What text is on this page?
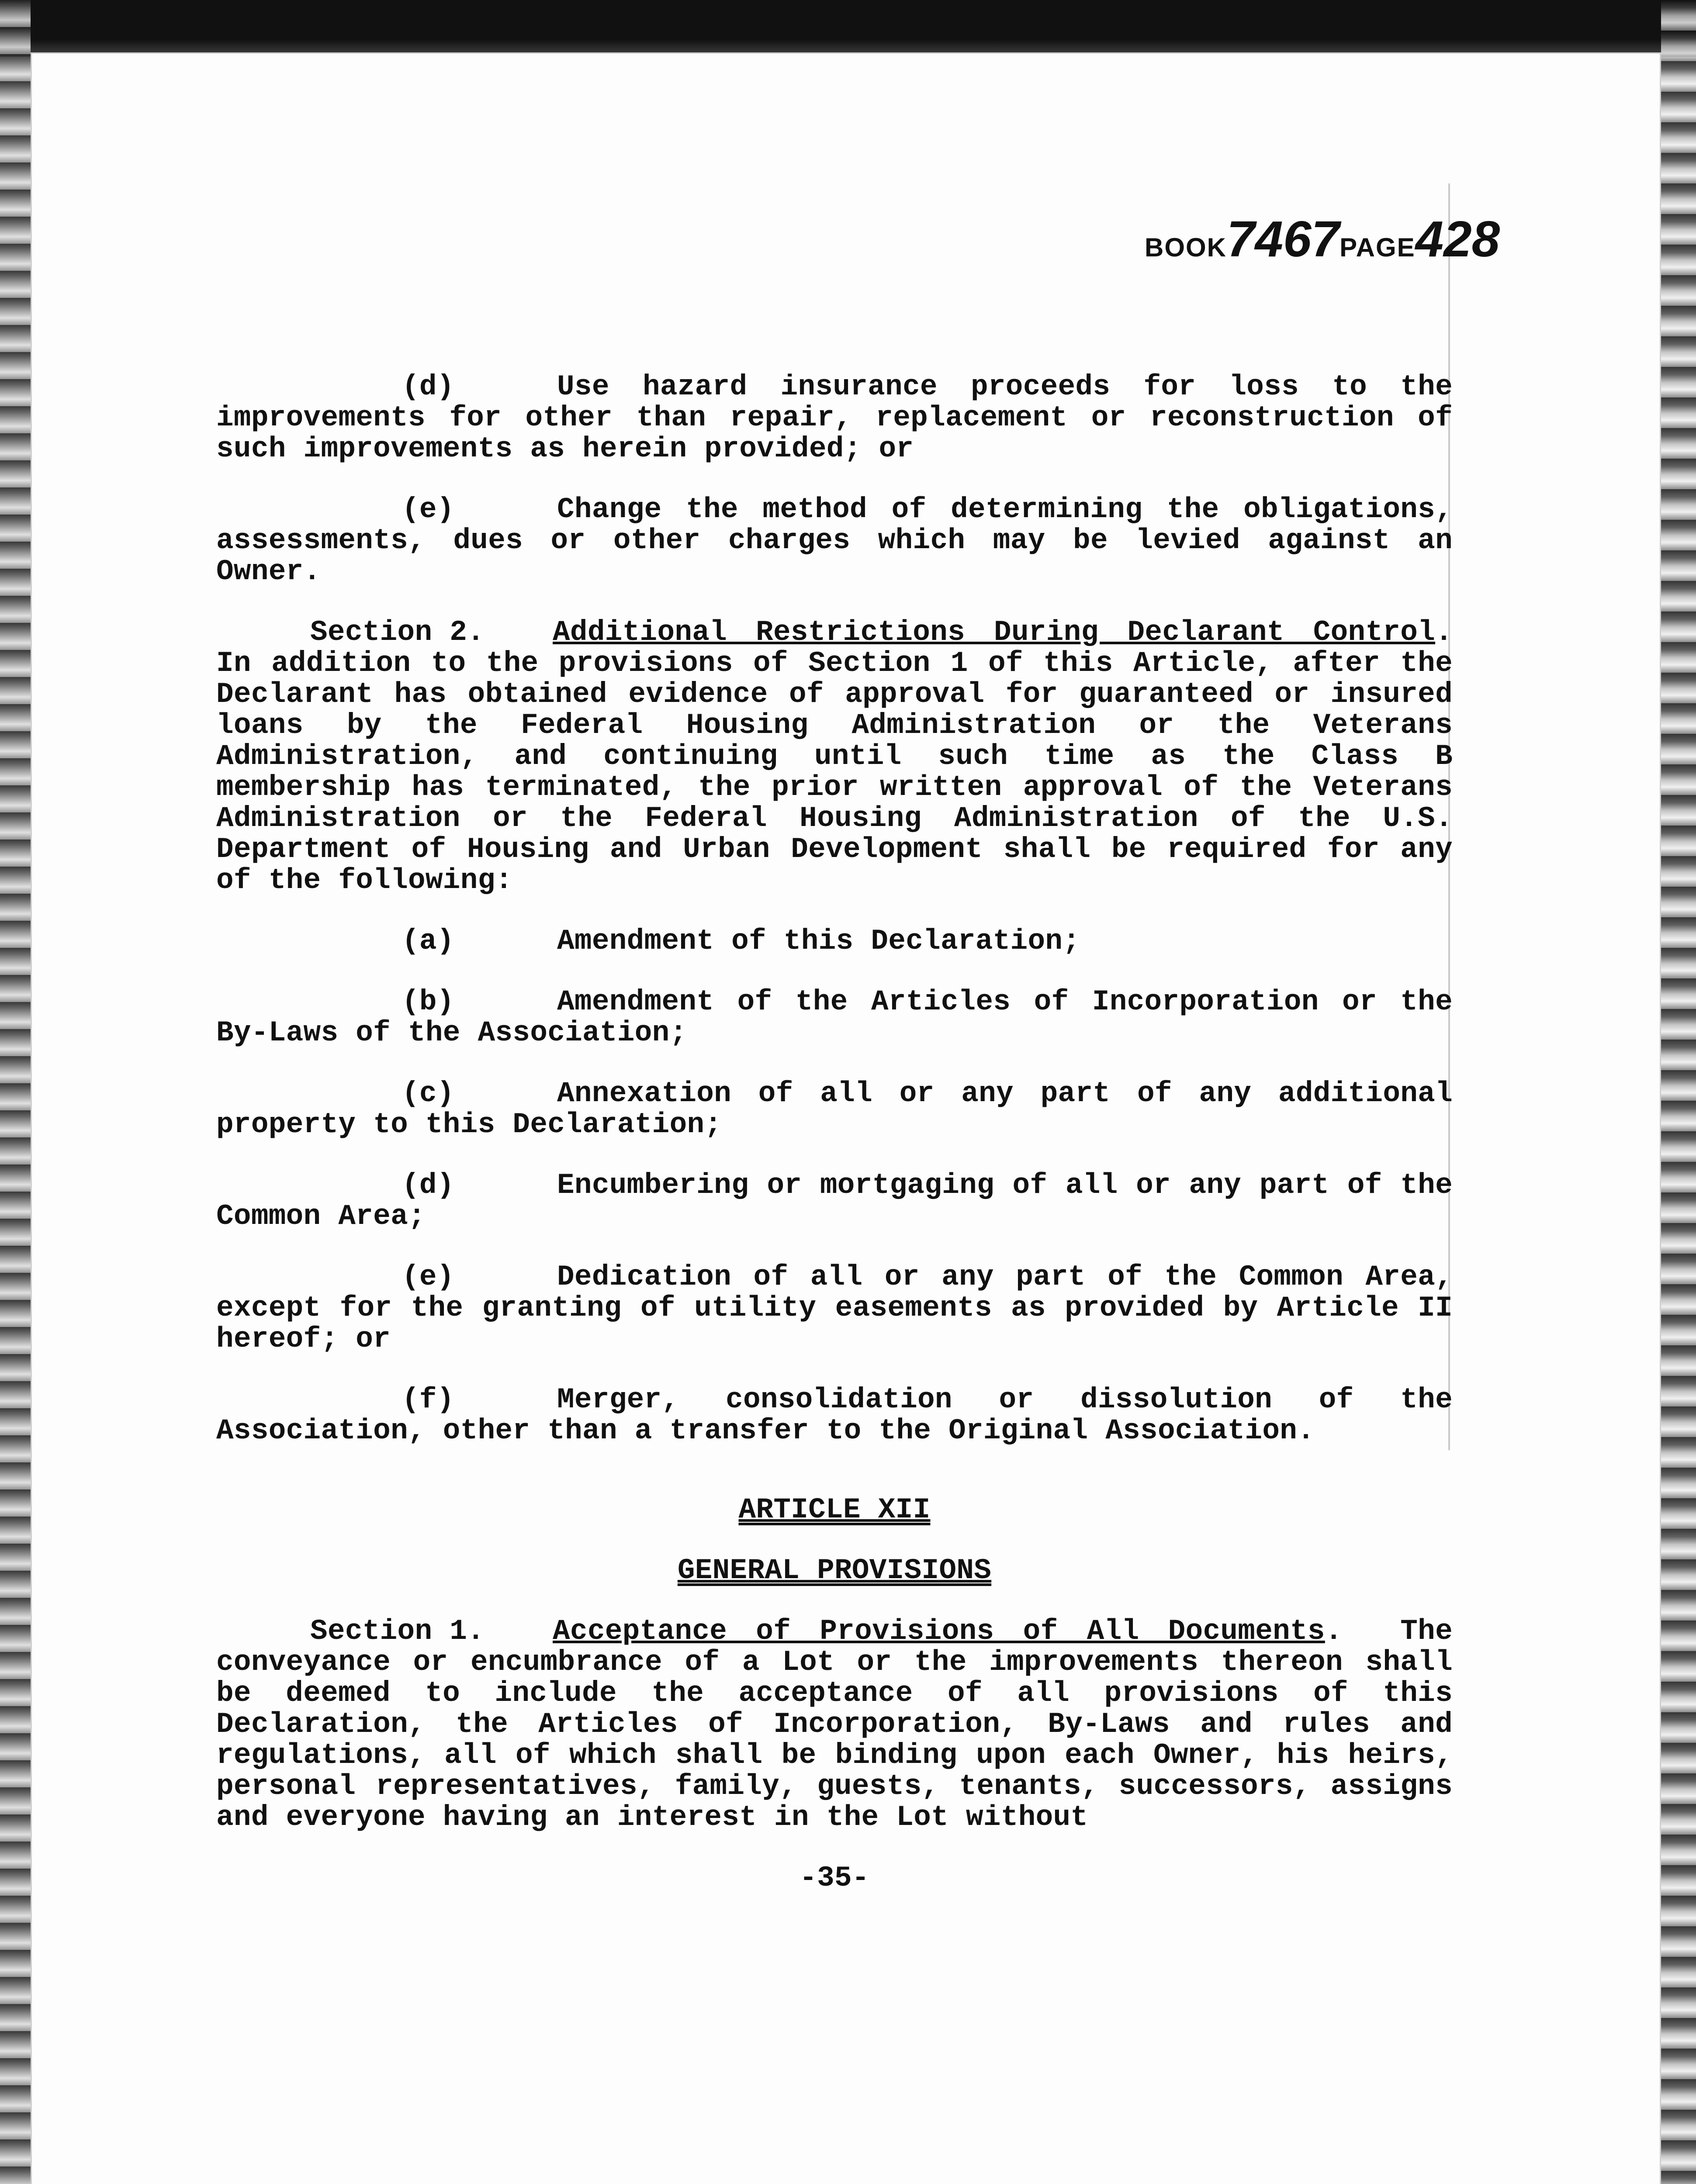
BOOK7467PAGE428
(d)	Use hazard insurance proceeds for loss to the improvements for other than repair, replacement or reconstruction of such improvements as herein provided; or
(e)	Change the method of determining the obligations, assessments, dues or other charges which may be levied against an Owner.
Section 2. Additional Restrictions During Declarant Control. In addition to the provisions of Section 1 of this Article, after the Declarant has obtained evidence of approval for guaranteed or insured loans by the Federal Housing Administration or the Veterans Administration, and continuing until such time as the Class B membership has terminated, the prior written approval of the Veterans Administration or the Federal Housing Administration of the U.S. Department of Housing and Urban Development shall be required for any of the following:
(a)	Amendment of this Declaration;
(b)	Amendment of the Articles of Incorporation or the By-Laws of the Association;
(c)	Annexation of all or any part of any additional property to this Declaration;
(d)	Encumbering or mortgaging of all or any part of the Common Area;
(e)	Dedication of all or any part of the Common Area, except for the granting of utility easements as provided by Article II hereof; or
(f)	Merger, consolidation or dissolution of the Association, other than a transfer to the Original Association.
ARTICLE XII
GENERAL PROVISIONS
Section 1. Acceptance of Provisions of All Documents. The conveyance or encumbrance of a Lot or the improvements thereon shall be deemed to include the acceptance of all provisions of this Declaration, the Articles of Incorporation, By-Laws and rules and regulations, all of which shall be binding upon each Owner, his heirs, personal representatives, family, guests, tenants, successors, assigns and everyone having an interest in the Lot without
-35-
